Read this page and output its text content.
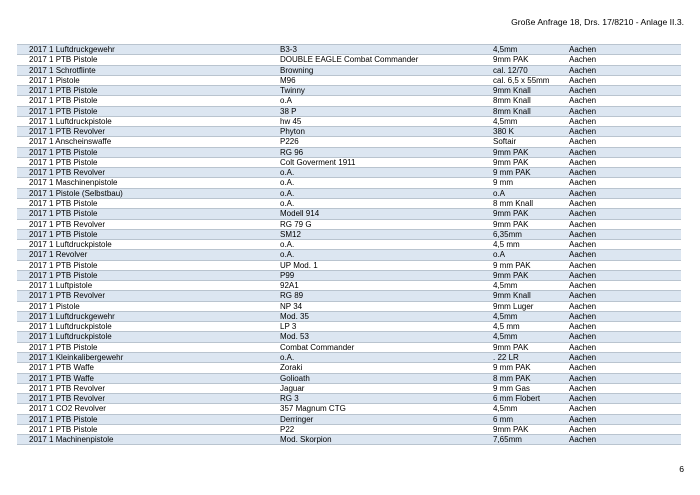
Große Anfrage 18, Drs. 17/8210 - Anlage II.3.
2017 1 Luftdruckgewehr	B3-3	4,5mm	Aachen
2017 1 PTB Pistole	DOUBLE EAGLE Combat Commander	9mm PAK	Aachen
2017 1 Schrotflinte	Browning	cal. 12/70	Aachen
2017 1 Pistole	M96	cal. 6,5 x 55mm	Aachen
2017 1 PTB Pistole	Twinny	9mm Knall	Aachen
2017 1 PTB Pistole	o.A	8mm Knall	Aachen
2017 1 PTB Pistole	38 P	8mm Knall	Aachen
2017 1 Luftdruckpistole	hw 45	4,5mm	Aachen
2017 1 PTB Revolver	Phyton	380 K	Aachen
2017 1 Anscheinswaffe	P226	Softair	Aachen
2017 1 PTB Pistole	RG 96	9mm PAK	Aachen
2017 1 PTB Pistole	Colt Goverment 1911	9mm PAK	Aachen
2017 1 PTB Revolver	o.A.	9 mm PAK	Aachen
2017 1 Maschinenpistole	o.A.	9 mm	Aachen
2017 1 Pistole (Selbstbau)	o.A.	o.A	Aachen
2017 1 PTB Pistole	o.A.	8 mm Knall	Aachen
2017 1 PTB Pistole	Modell 914	9mm PAK	Aachen
2017 1 PTB Revolver	RG 79 G	9mm PAK	Aachen
2017 1 PTB Pistole	SM12	6,35mm	Aachen
2017 1 Luftdruckpistole	o.A.	4,5 mm	Aachen
2017 1 Revolver	o.A.	o.A	Aachen
2017 1 PTB Pistole	UP Mod. 1	9 mm PAK	Aachen
2017 1 PTB Pistole	P99	9mm PAK	Aachen
2017 1 Luftpistole	92A1	4,5mm	Aachen
2017 1 PTB Revolver	RG 89	9mm Knall	Aachen
2017 1 Pistole	NP 34	9mm Luger	Aachen
2017 1 Luftdruckgewehr	Mod. 35	4,5mm	Aachen
2017 1 Luftdruckpistole	LP 3	4,5 mm	Aachen
2017 1 Luftdruckpistole	Mod. 53	4,5mm	Aachen
2017 1 PTB Pistole	Combat Commander	9mm PAK	Aachen
2017 1 Kleinkalibergewehr	o.A.	. 22 LR	Aachen
2017 1 PTB Waffe	Zoraki	9 mm PAK	Aachen
2017 1 PTB Waffe	Golioath	8 mm PAK	Aachen
2017 1 PTB Revolver	Jaguar	9 mm Gas	Aachen
2017 1 PTB Revolver	RG 3	6 mm Flobert	Aachen
2017 1 CO2 Revolver	357 Magnum CTG	4,5mm	Aachen
2017 1 PTB Pistole	Derringer	6 mm	Aachen
2017 1 PTB Pistole	P22	9mm PAK	Aachen
2017 1 Machinenpistole	Mod. Skorpion	7,65mm	Aachen
6
